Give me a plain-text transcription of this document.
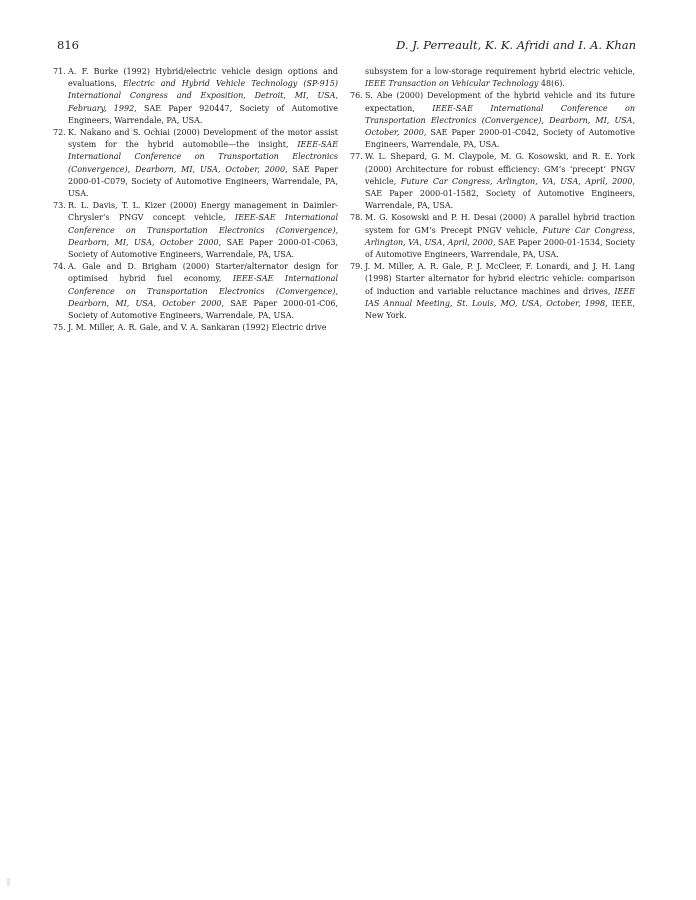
816	D. J. Perreault, K. K. Afridi and I. A. Khan
71. A. F. Burke (1992) Hybrid/electric vehicle design options and evaluations, Electric and Hybrid Vehicle Technology (SP-915) International Congress and Exposition, Detroit, MI, USA, February, 1992, SAE Paper 920447, Society of Automotive Engineers, Warrendale, PA, USA.
72. K. Nakano and S. Ochiai (2000) Development of the motor assist system for the hybrid automobile—the insight, IEEE-SAE International Conference on Transportation Electronics (Convergence), Dearborn, MI, USA, October, 2000, SAE Paper 2000-01-C079, Society of Automotive Engineers, Warrendale, PA, USA.
73. R. L. Davis, T. L. Kizer (2000) Energy management in Daimler-Chrysler’s PNGV concept vehicle, IEEE-SAE International Conference on Transportation Electronics (Convergence), Dearborn, MI, USA, October 2000, SAE Paper 2000-01-C063, Society of Automotive Engineers, Warrendale, PA, USA.
74. A. Gale and D. Brigham (2000) Starter/alternator design for optimised hybrid fuel economy, IEEE-SAE International Conference on Transportation Electronics (Convergence), Dearborn, MI, USA, October 2000, SAE Paper 2000-01-C06, Society of Automotive Engineers, Warrendale, PA, USA.
75. J. M. Miller, A. R. Gale, and V. A. Sankaran (1992) Electric drive
subsystem for a low-storage requirement hybrid electric vehicle, IEEE Transaction on Vehicular Technology 48(6).
76. S. Abe (2000) Development of the hybrid vehicle and its future expectation, IEEE-SAE International Conference on Transportation Electronics (Convergence), Dearborn, MI, USA, October, 2000, SAE Paper 2000-01-C042, Society of Automotive Engineers, Warrendale, PA, USA.
77. W. L. Shepard, G. M. Claypole, M. G. Kosowski, and R. E. York (2000) Architecture for robust efficiency: GM’s ‘precept’ PNGV vehicle, Future Car Congress, Arlington, VA, USA, April, 2000, SAE Paper 2000-01-1582, Society of Automotive Engineers, Warrendale, PA, USA.
78. M. G. Kosowski and P. H. Desai (2000) A parallel hybrid traction system for GM’s Precept PNGV vehicle, Future Car Congress, Arlington, VA, USA, April, 2000, SAE Paper 2000-01-1534, Society of Automotive Engineers, Warrendale, PA, USA.
79. J. M. Miller, A. R. Gale, P. J. McCleer, F. Lonardi, and J. H. Lang (1998) Starter alternator for hybrid electric vehicle: comparison of induction and variable reluctance machines and drives, IEEE IAS Annual Meeting, St. Louis, MO, USA, October, 1998, IEEE, New York.
